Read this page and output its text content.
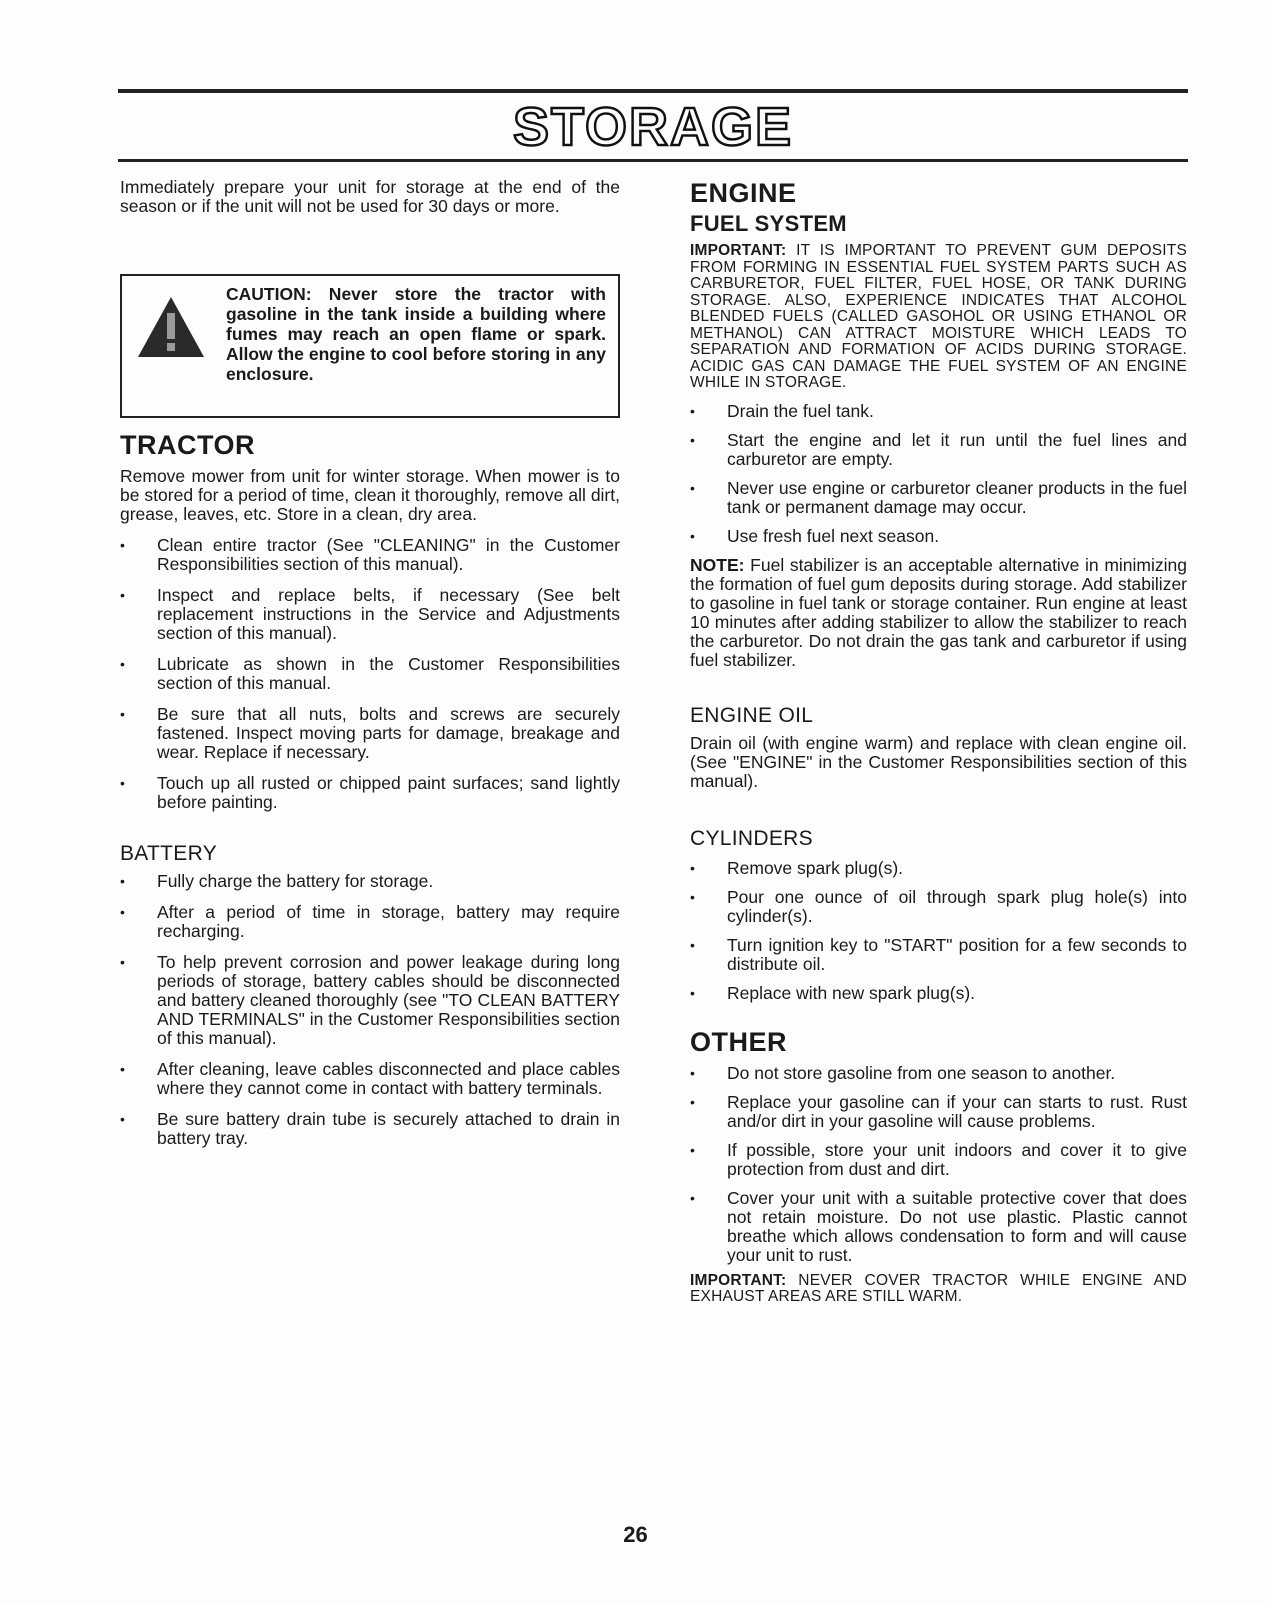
STORAGE

Immediately prepare your unit for storage at the end of the season or if the unit will not be used for 30 days or more.

CAUTION: Never store the tractor with gasoline in the tank inside a building where fumes may reach an open flame or spark. Allow the engine to cool before storing in any enclosure.

TRACTOR

Remove mower from unit for winter storage. When mower is to be stored for a period of time, clean it thoroughly, remove all dirt, grease, leaves, etc. Store in a clean, dry area.

• Clean entire tractor (See "CLEANING" in the Customer Responsibilities section of this manual).
• Inspect and replace belts, if necessary (See belt replacement instructions in the Service and Adjustments section of this manual).
• Lubricate as shown in the Customer Responsibilities section of this manual.
• Be sure that all nuts, bolts and screws are securely fastened. Inspect moving parts for damage, breakage and wear. Replace if necessary.
• Touch up all rusted or chipped paint surfaces; sand lightly before painting.
BATTERY
• Fully charge the battery for storage.
• After a period of time in storage, battery may require recharging.
• To help prevent corrosion and power leakage during long periods of storage, battery cables should be disconnected and battery cleaned thoroughly (see "TO CLEAN BATTERY AND TERMINALS" in the Customer Responsibilities section of this manual).
• After cleaning, leave cables disconnected and place cables where they cannot come in contact with battery terminals.
• Be sure battery drain tube is securely attached to drain in battery tray.
ENGINE
FUEL SYSTEM

IMPORTANT: IT IS IMPORTANT TO PREVENT GUM DEPOSITS FROM FORMING IN ESSENTIAL FUEL SYSTEM PARTS SUCH AS CARBURETOR, FUEL FILTER, FUEL HOSE, OR TANK DURING STORAGE. ALSO, EXPERIENCE INDICATES THAT ALCOHOL BLENDED FUELS (CALLED GASOHOL OR USING ETHANOL OR METHANOL) CAN ATTRACT MOISTURE WHICH LEADS TO SEPARATION AND FORMATION OF ACIDS DURING STORAGE. ACIDIC GAS CAN DAMAGE THE FUEL SYSTEM OF AN ENGINE WHILE IN STORAGE.

• Drain the fuel tank.
• Start the engine and let it run until the fuel lines and carburetor are empty.
• Never use engine or carburetor cleaner products in the fuel tank or permanent damage may occur.
• Use fresh fuel next season.

NOTE: Fuel stabilizer is an acceptable alternative in minimizing the formation of fuel gum deposits during storage. Add stabilizer to gasoline in fuel tank or storage container. Run engine at least 10 minutes after adding stabilizer to allow the stabilizer to reach the carburetor. Do not drain the gas tank and carburetor if using fuel stabilizer.

ENGINE OIL

Drain oil (with engine warm) and replace with clean engine oil. (See "ENGINE" in the Customer Responsibilities section of this manual).

CYLINDERS
• Remove spark plug(s).
• Pour one ounce of oil through spark plug hole(s) into cylinder(s).
• Turn ignition key to "START" position for a few seconds to distribute oil.
• Replace with new spark plug(s).
OTHER
• Do not store gasoline from one season to another.
• Replace your gasoline can if your can starts to rust. Rust and/or dirt in your gasoline will cause problems.
• If possible, store your unit indoors and cover it to give protection from dust and dirt.
• Cover your unit with a suitable protective cover that does not retain moisture. Do not use plastic. Plastic cannot breathe which allows condensation to form and will cause your unit to rust.

IMPORTANT: NEVER COVER TRACTOR WHILE ENGINE AND EXHAUST AREAS ARE STILL WARM.

26
